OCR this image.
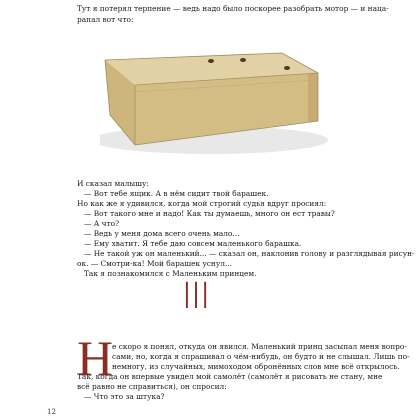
Тут я потерял терпение — ведь надо было поскорее разобрать мотор — и нацa-

рапал вот что:

И сказал малышу:

— Вот тебе ящик. А в нём сидит твой барашек.

Но как же я удивился, когда мой строгий судья вдруг просиял:

— Вот такого мне и надо! Как ты думаешь, много он ест травы?

— А что?

— Ведь у меня дома всего очень мало...

— Ему хватит. Я тебе даю совсем маленького барашка.

— Не такой уж он маленький... — сказал он, наклонив голову и разглядывая рисун-

ок. — Смотри-ка! Мой барашек уснул...

Так я познакомился с Маленьким принцем.

III

Н

е скоро я понял, откуда он явился. Маленький принц засыпал меня вопро-

сами, но, когда я спрашивал о чём-нибудь, он будто и не слышал. Лишь по-

немногу, из случайных, мимоходом обронённых слов мне всё открылось.

Так, когда он впервые увидел мой самолёт (самолёт я рисовать не стану, мне

всё равно не справиться), он спросил:

— Что это за штука?

12
